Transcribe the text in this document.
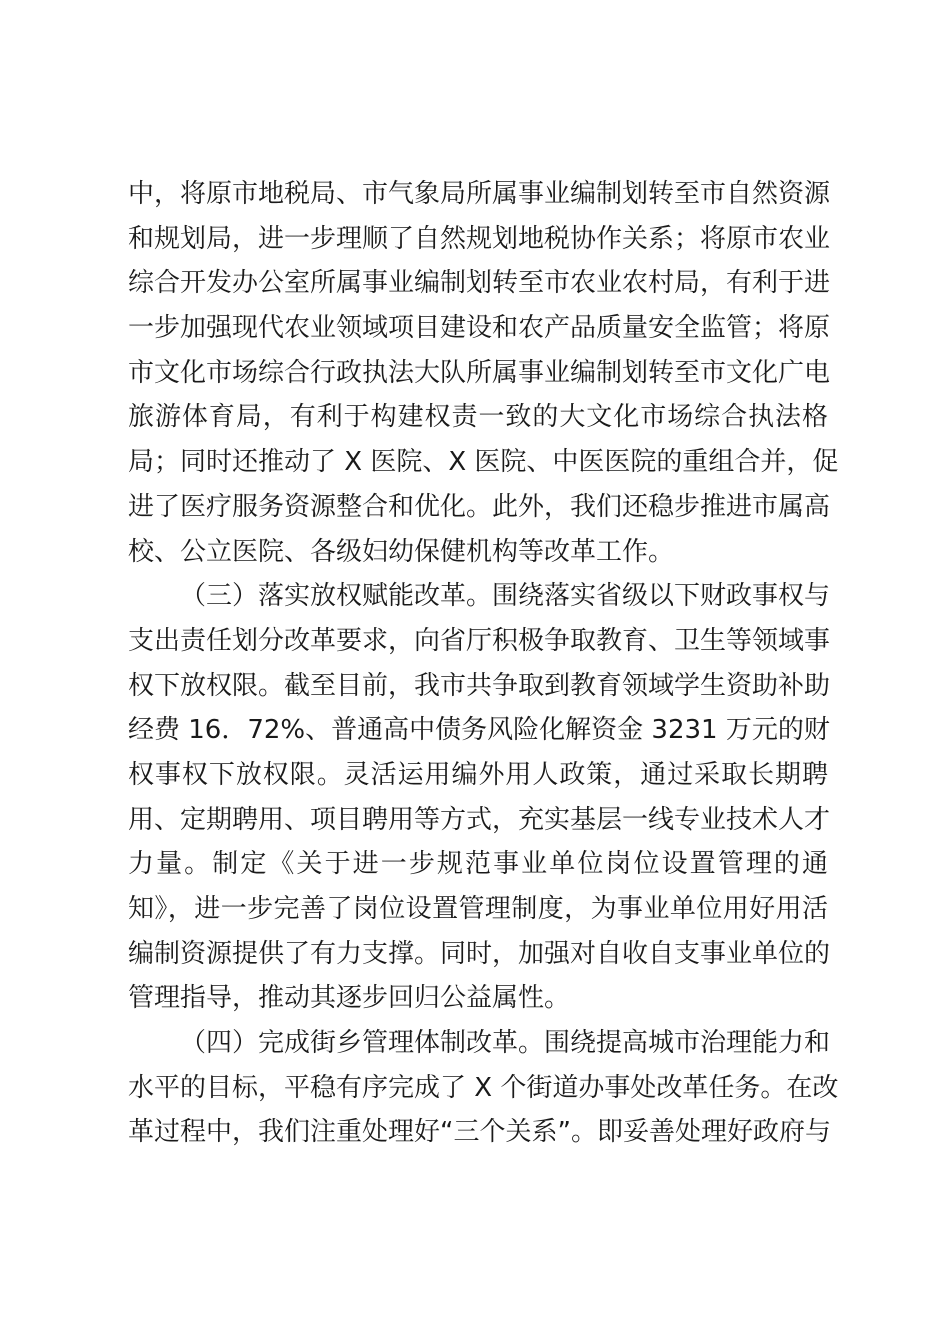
中，将原市地税局、市气象局所属事业编制划转至市自然资源
和规划局，进一步理顺了自然规划地税协作关系；将原市农业
综合开发办公室所属事业编制划转至市农业农村局，有利于进
一步加强现代农业领域项目建设和农产品质量安全监管；将原
市文化市场综合行政执法大队所属事业编制划转至市文化广电
旅游体育局，有利于构建权责一致的大文化市场综合执法格
局；同时还推动了 X 医院、X 医院、中医医院的重组合并，促
进了医疗服务资源整合和优化。此外，我们还稳步推进市属高
校、公立医院、各级妇幼保健机构等改革工作。
（三）落实放权赋能改革。围绕落实省级以下财政事权与
支出责任划分改革要求，向省厅积极争取教育、卫生等领域事
权下放权限。截至目前，我市共争取到教育领域学生资助补助
经费 16．72%、普通高中债务风险化解资金 3231 万元的财
权事权下放权限。灵活运用编外用人政策，通过采取长期聘
用、定期聘用、项目聘用等方式，充实基层一线专业技术人才
力量。制定《关于进一步规范事业单位岗位设置管理的通
知》，进一步完善了岗位设置管理制度，为事业单位用好用活
编制资源提供了有力支撑。同时，加强对自收自支事业单位的
管理指导，推动其逐步回归公益属性。
（四）完成街乡管理体制改革。围绕提高城市治理能力和
水平的目标，平稳有序完成了 X 个街道办事处改革任务。在改
革过程中，我们注重处理好“三个关系”。即妥善处理好政府与
